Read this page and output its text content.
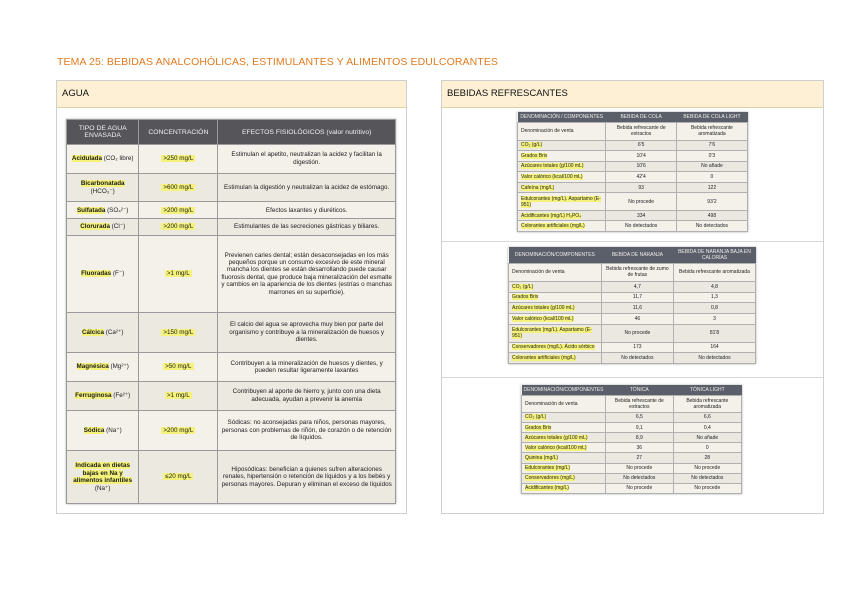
TEMA 25: BEBIDAS ANALCOHÓLICAS, ESTIMULANTES Y ALIMENTOS EDULCORANTES
AGUA
TIPO DE AGUA ENVASADA	CONCENTRACIÓN	EFECTOS FISIOLÓGICOS (valor nutritivo)
Acidulada (CO₂ libre)	>250 mg/L	Estimulan el apetito, neutralizan la acidez y facilitan la digestión.
Bicarbonatada (HCO₃⁻)	>600 mg/L	Estimulan la digestión y neutralizan la acidez de estómago.
Sulfatada (SO₄²⁻)	>200 mg/L	Efectos laxantes y diuréticos.
Clorurada (Cl⁻)	>200 mg/L	Estimulantes de las secreciones gástricas y biliares.
Fluoradas (F⁻)	>1 mg/L	Previenen caries dental; están desaconsejadas en los más pequeños porque un consumo excesivo de este mineral mancha los dientes se están desarrollando puede causar fluorosis dental, que produce baja mineralización del esmalte y cambios en la apariencia de los dientes (estrías o manchas marrones en su superficie).
Cálcica (Ca²⁺)	>150 mg/L	El calcio del agua se aprovecha muy bien por parte del organismo y contribuye a la mineralización de huesos y dientes.
Magnésica (Mg²⁺)	>50 mg/L	Contribuyen a la mineralización de huesos y dientes, y pueden resultar ligeramente laxantes
Ferruginosa (Fe²⁺)	>1 mg/L	Contribuyen al aporte de hierro y, junto con una dieta adecuada, ayudan a prevenir la anemia
Sódica (Na⁺)	>200 mg/L	Sódicas: no aconsejadas para niños, personas mayores, personas con problemas de riñón, de corazón o de retención de líquidos.
Indicada en dietas bajas en Na y alimentos infantiles (Na⁺)	≤20 mg/L	Hiposódicas: benefician a quienes sufren alteraciones renales, hipertensión o retención de líquidos y a los bebés y personas mayores. Depuran y eliminan el exceso de líquidos
BEBIDAS REFRESCANTES
DENOMINACIÓN / COMPONENTES	BEBIDA DE COLA	BEBIDA DE COLA LIGHT
Denominación de venta	Bebida refrescante de extractos	Bebida refrescante aromatizada
CO₂ (g/L)	6'5	7'6
Grados Brix	10'4	0'3
Azúcares totales (g/100 mL)	10'6	No añade
Valor calórico (kcal/100 mL)	42'4	0
Cafeína (mg/L)	93	122
Edulcorantes (mg/L). Aspartamo (E-951)	No procede	93'2
Acidificantes (mg/L) H₃PO₄	334	498
Colorantes artificiales (mg/L)	No detectados	No detectados
DENOMINACIÓN/COMPONENTES	BEBIDA DE NARANJA	BEBIDA DE NARANJA BAJA EN CALORÍAS
Denominación de venta	Bebida refrescante de zumo de frutas	Bebida refrescante aromatizada
CO₂ (g/L)	4,7	4,8
Grados Brix	11,7	1,3
Azúcares totales (g/100 mL)	11,6	0,8
Valor calórico (kcal/100 mL)	46	3
Edulcorantes (mg/L). Aspartamo (E-951)	No procede	81'8
Conservadores (mg/L). Ácido sórbico	173	164
Colorantes artificiales (mg/L)	No detectados	No detectados
DENOMINACIÓN/COMPONENTES	TÓNICA	TÓNICA LIGHT
Denominación de venta	Bebida refrescante de extractos	Bebida refrescante aromatizada
CO₂ (g/L)	6,5	6,6
Grados Brix	9,1	0,4
Azúcares totales (g/100 mL)	8,9	No añade
Valor calórico (kcal/100 mL)	36	0
Quinina (mg/L)	27	28
Edulcorantes (mg/L)	No procede	No procede
Conservadores (mg/L)	No detectados	No detectados
Acidificantes (mg/L)	No procede	No procede
